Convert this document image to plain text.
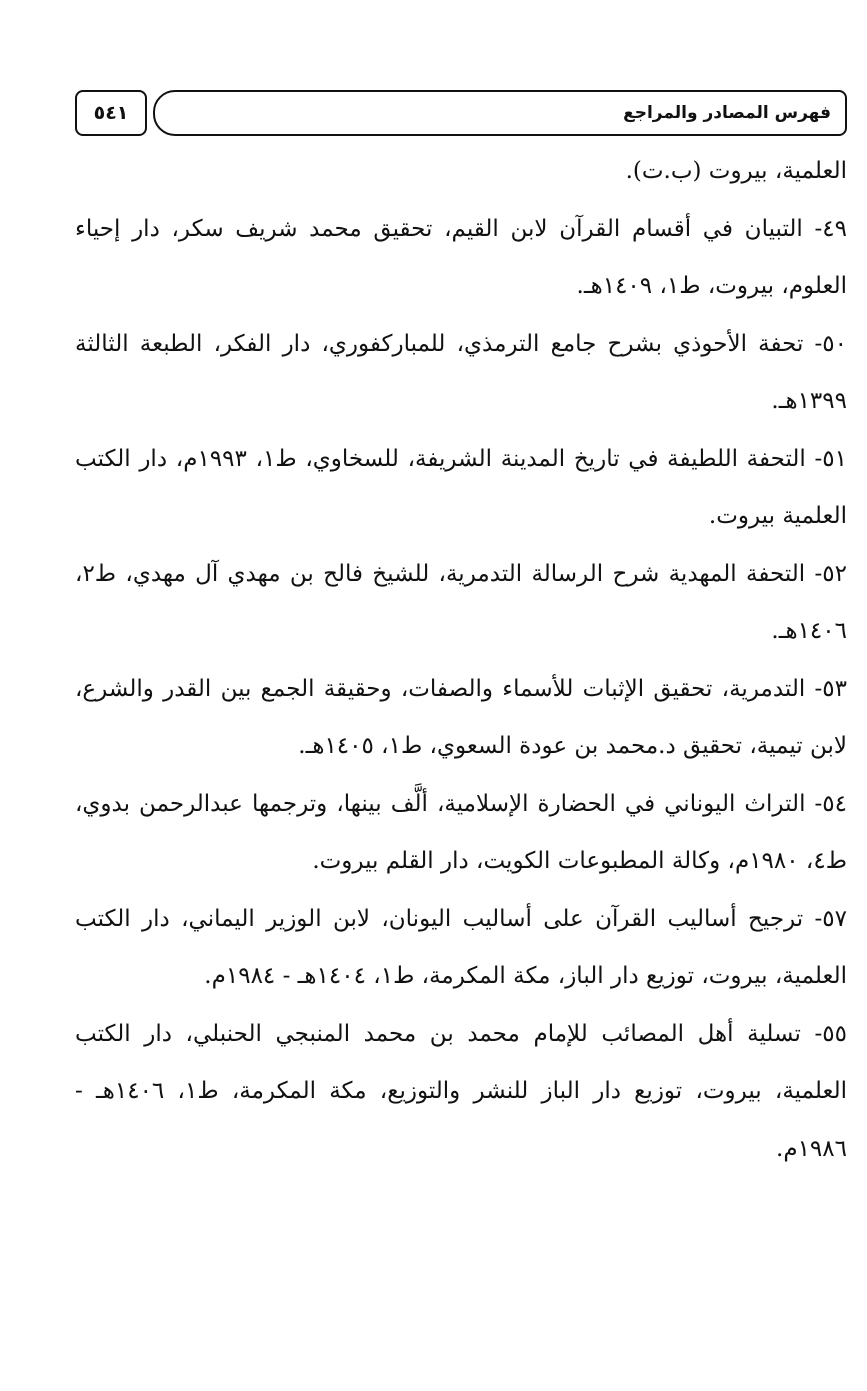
٥٤١	فهرس المصادر والمراجع

العلمية، بيروت (ب.ت).

٤٩- التبيان في أقسام القرآن لابن القيم، تحقيق محمد شريف سكر، دار إحياء العلوم، بيروت، ط١، ١٤٠٩هـ.

٥٠- تحفة الأحوذي بشرح جامع الترمذي، للمباركفوري، دار الفكر، الطبعة الثالثة ١٣٩٩هـ.

٥١- التحفة اللطيفة في تاريخ المدينة الشريفة، للسخاوي، ط١، ١٩٩٣م، دار الكتب العلمية بيروت.

٥٢- التحفة المهدية شرح الرسالة التدمرية، للشيخ فالح بن مهدي آل مهدي، ط٢، ١٤٠٦هـ.

٥٣- التدمرية، تحقيق الإثبات للأسماء والصفات، وحقيقة الجمع بين القدر والشرع، لابن تيمية، تحقيق د.محمد بن عودة السعوي، ط١، ١٤٠٥هـ.

٥٤- التراث اليوناني في الحضارة الإسلامية، ألَّف بينها، وترجمها عبدالرحمن بدوي، ط٤، ١٩٨٠م، وكالة المطبوعات الكويت، دار القلم بيروت.

٥٧- ترجيح أساليب القرآن على أساليب اليونان، لابن الوزير اليماني، دار الكتب العلمية، بيروت، توزيع دار الباز، مكة المكرمة، ط١، ١٤٠٤هـ - ١٩٨٤م.

٥٥- تسلية أهل المصائب للإمام محمد بن محمد المنبجي الحنبلي، دار الكتب العلمية، بيروت، توزيع دار الباز للنشر والتوزيع، مكة المكرمة، ط١، ١٤٠٦هـ - ١٩٨٦م.
